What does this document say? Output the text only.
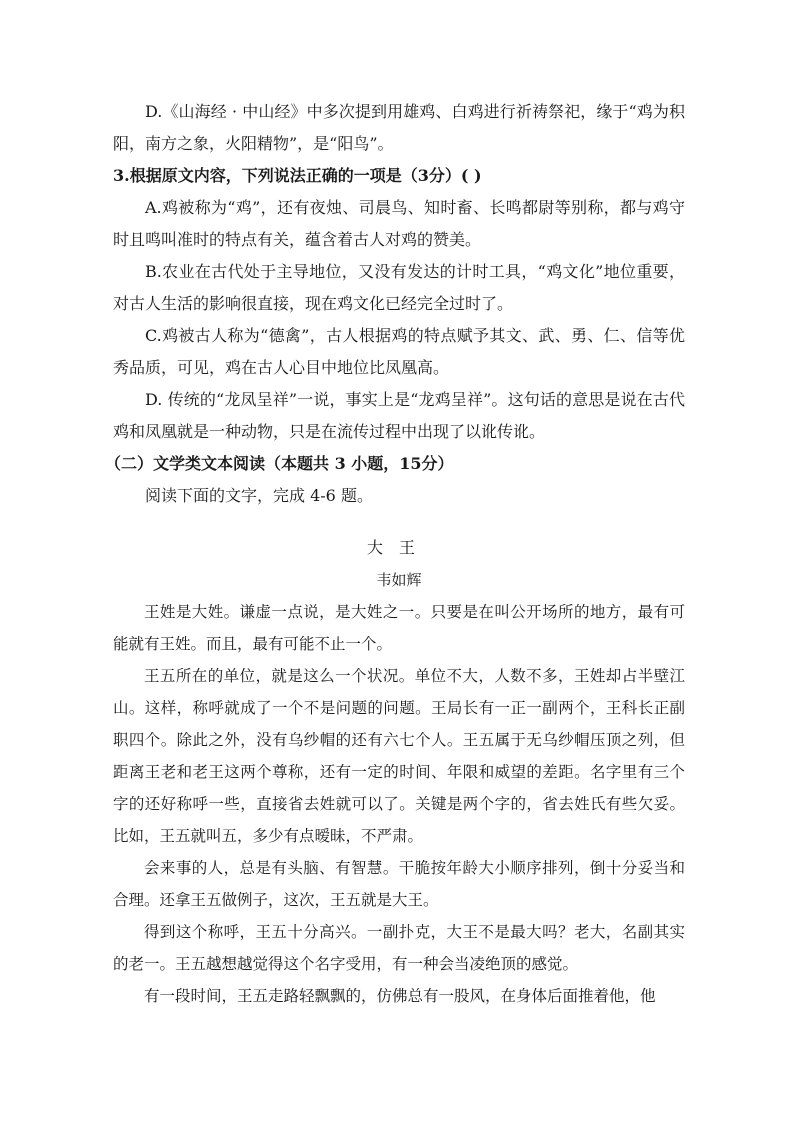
D.《山海经 · 中山经》中多次提到用雄鸡、白鸡进行祈祷祭祀，缘于“鸡为积阳，南方之象，火阳精物”，是“阳鸟”。

3.根据原文内容，下列说法正确的一项是（3分）( )

A.鸡被称为“鸡”，还有夜烛、司晨鸟、知时畜、长鸣都尉等别称，都与鸡守时且鸣叫准时的特点有关，蕴含着古人对鸡的赞美。

B.农业在古代处于主导地位，又没有发达的计时工具，“鸡文化”地位重要，对古人生活的影响很直接，现在鸡文化已经完全过时了。

C.鸡被古人称为“德禽”，古人根据鸡的特点赋予其文、武、勇、仁、信等优秀品质，可见，鸡在古人心目中地位比凤凰高。

D. 传统的“龙凤呈祥”一说，事实上是“龙鸡呈祥”。这句话的意思是说在古代鸡和凤凰就是一种动物，只是在流传过程中出现了以讹传讹。

（二）文学类文本阅读（本题共 3 小题，15分）

阅读下面的文字，完成 4-6 题。

大王

韦如辉

王姓是大姓。谦虚一点说，是大姓之一。只要是在叫公开场所的地方，最有可能就有王姓。而且，最有可能不止一个。

王五所在的单位，就是这么一个状况。单位不大，人数不多，王姓却占半壁江山。这样，称呼就成了一个不是问题的问题。王局长有一正一副两个，王科长正副职四个。除此之外，没有乌纱帽的还有六七个人。王五属于无乌纱帽压顶之列，但距离王老和老王这两个尊称，还有一定的时间、年限和威望的差距。名字里有三个字的还好称呼一些，直接省去姓就可以了。关键是两个字的，省去姓氏有些欠妥。比如，王五就叫五，多少有点暧昧，不严肃。

会来事的人，总是有头脑、有智慧。干脆按年龄大小顺序排列，倒十分妥当和合理。还拿王五做例子，这次，王五就是大王。

得到这个称呼，王五十分高兴。一副扑克，大王不是最大吗？老大，名副其实的老一。王五越想越觉得这个名字受用，有一种会当凌绝顶的感觉。

有一段时间，王五走路轻飘飘的，仿佛总有一股风，在身体后面推着他，他
